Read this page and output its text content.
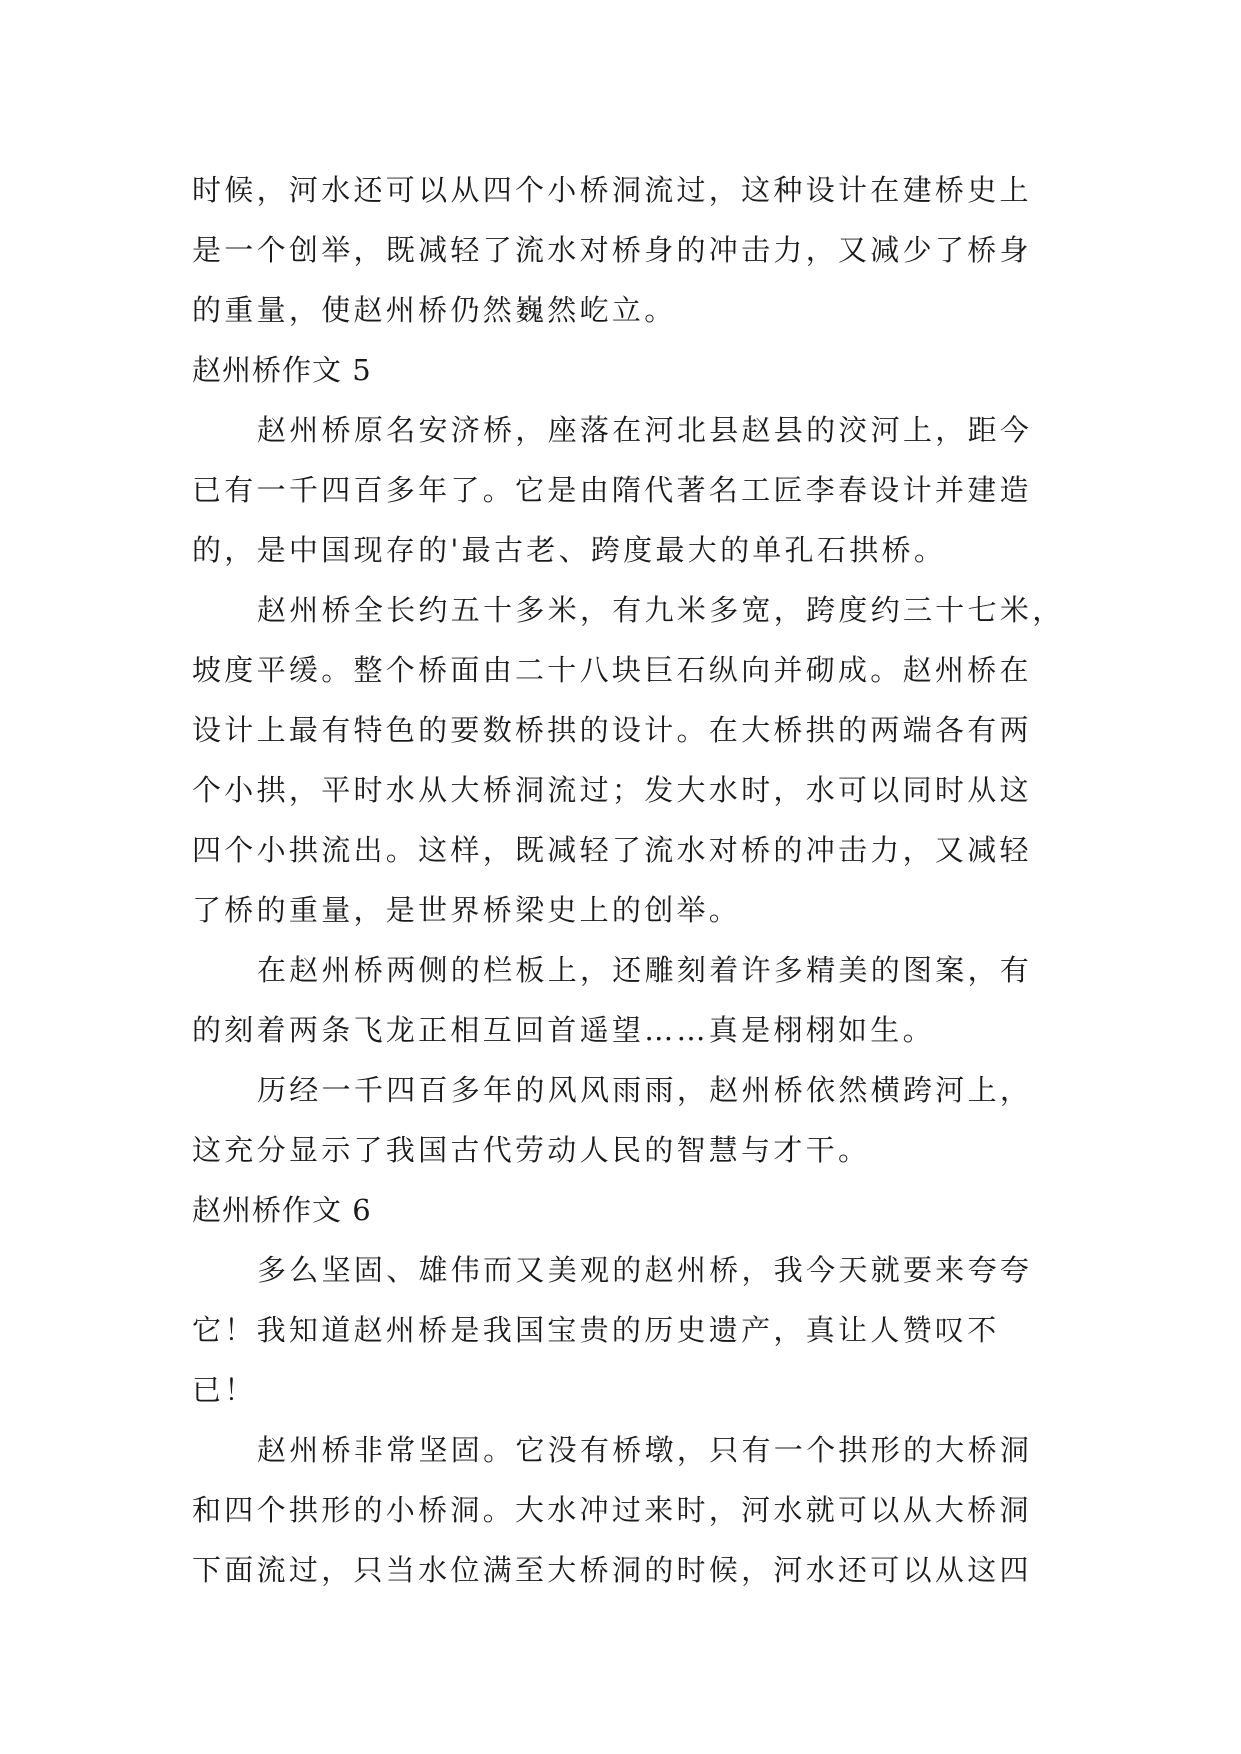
时候，河水还可以从四个小桥洞流过，这种设计在建桥史上
是一个创举，既减轻了流水对桥身的冲击力，又减少了桥身
的重量，使赵州桥仍然巍然屹立。
赵州桥作文 5
赵州桥原名安济桥，座落在河北县赵县的洨河上，距今
已有一千四百多年了。它是由隋代著名工匠李春设计并建造
的，是中国现存的'最古老、跨度最大的单孔石拱桥。
赵州桥全长约五十多米，有九米多宽，跨度约三十七米，
坡度平缓。整个桥面由二十八块巨石纵向并砌成。赵州桥在
设计上最有特色的要数桥拱的设计。在大桥拱的两端各有两
个小拱，平时水从大桥洞流过；发大水时，水可以同时从这
四个小拱流出。这样，既减轻了流水对桥的冲击力，又减轻
了桥的重量，是世界桥梁史上的创举。
在赵州桥两侧的栏板上，还雕刻着许多精美的图案，有
的刻着两条飞龙正相互回首遥望……真是栩栩如生。
历经一千四百多年的风风雨雨，赵州桥依然横跨河上，
这充分显示了我国古代劳动人民的智慧与才干。
赵州桥作文 6
多么坚固、雄伟而又美观的赵州桥，我今天就要来夸夸
它！我知道赵州桥是我国宝贵的历史遗产，真让人赞叹不
已！
赵州桥非常坚固。它没有桥墩，只有一个拱形的大桥洞
和四个拱形的小桥洞。大水冲过来时，河水就可以从大桥洞
下面流过，只当水位满至大桥洞的时候，河水还可以从这四
